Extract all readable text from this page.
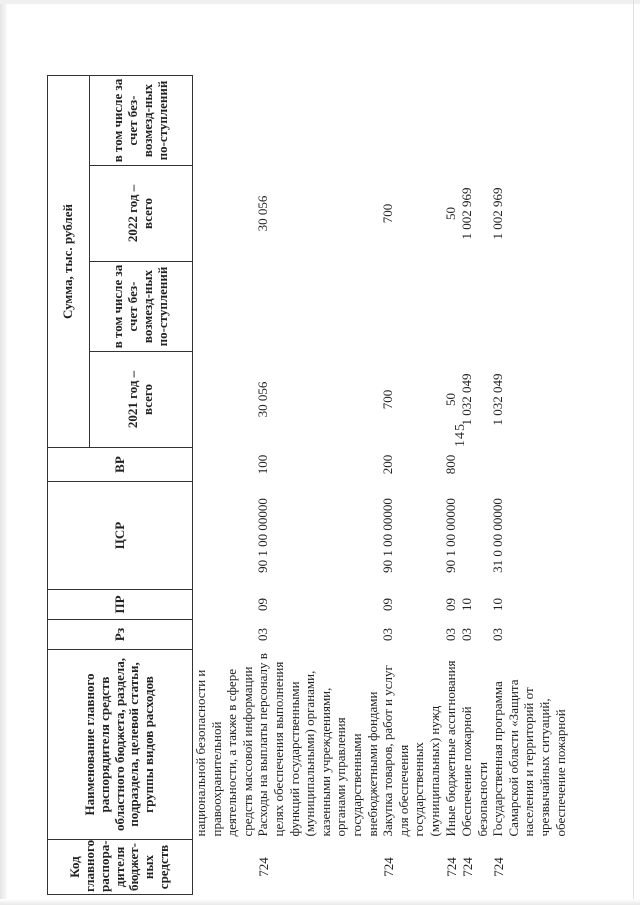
145
Код главного распора-дителя бюджет-ных средств	Наименование главного распорядителя средств областного бюджета, раздела, подраздела, целевой статьи, группы видов расходов	Рз	ПР	ЦСР	ВР	Сумма, тыс. рублей				
						2021 год – всего	в том числе за счет без-возмезд-ных по-ступлений	2022 год – всего	в том числе за счет без-возмезд-ных по-ступлений	
	национальной безопасности и правоохранительной деятельности, а также в сфере средств массовой информации									
724	Расходы на выплаты персоналу в целях обеспечения выполнения функций государственными (муниципальными) органами, казенными учреждениями, органами управления государственными внебюджетными фондами	03	09	90 1 00 00000	100	30 056		30 056		
724	Закупка товаров, работ и услуг для обеспечения государственных (муниципальных) нужд	03	09	90 1 00 00000	200	700		700		
724	Иные бюджетные ассигнования	03	09	90 1 00 00000	800	50		50		
724	Обеспечение пожарной безопасности	03	10			1 032 049		1 002 969		
724	Государственная программа Самарской области «Защита населения и территорий от чрезвычайных ситуаций, обеспечение пожарной	03	10	31 0 00 00000		1 032 049		1 002 969		
